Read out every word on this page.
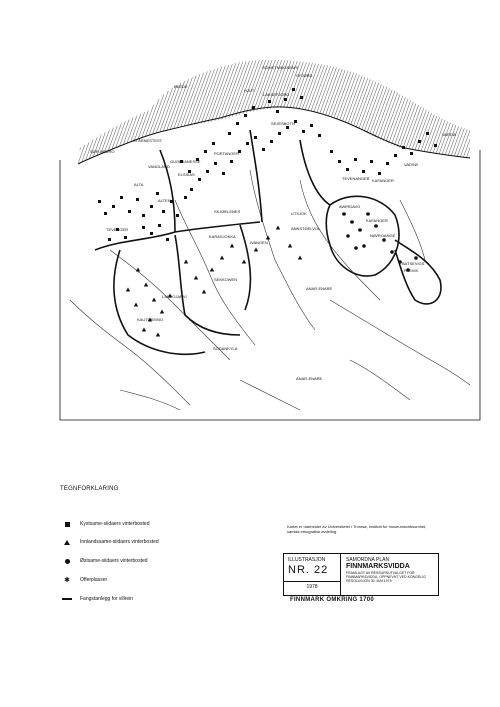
SØR-HEDRO
STÅRNESTEST
GUOLDANESSE
VANGLAND
ELSSIAS
ALTA
ALTEN
PORTANGER
LAKSEFJORD
SEJESBOTN
SCHIETNINGSEMS
OFJØRD
BEEDE
HJUT
TEVENANGER KAFANGER
VADSØ
VARDØ
KAFANGER
AWIRDAVG
NAVROANGE
SKJØELENES	UTSJOK
ANNSTØELVOL
TEVENGER
KARASJOKKA
IVANGEN
SEKKOWEN
ANAR-ENARE
BATSEVIGS
PASVIK
LAPPOJARVI
KAUTOKEINO
ANAR-ENARE
SODANKYLÄ
TEGNFORKLARING
Kystsame-siidaers vinterbosted
Innlandssame-siidaers vinterbosted
Østsame-siidaers vinterbosted
✱ Offerplasser
Fangstanlegg for villrein
Kartet er utarbeidet av Universitetet i Tromsø, Institutt for museumsvirksomhet, samisk etnografisk avdeling.
ILLUSTRASJON
NR. 22
1978
SAMORDNA PLAN
FINNMARKSVIDDA
FRAMLAGT AV RESSURSUTVALGET FOR FINNMARKSVIDDA, OPPNEVNT VED KONGELIG RESOLUSJON 30. MAI 1975
FINNMARK OMKRING 1700
